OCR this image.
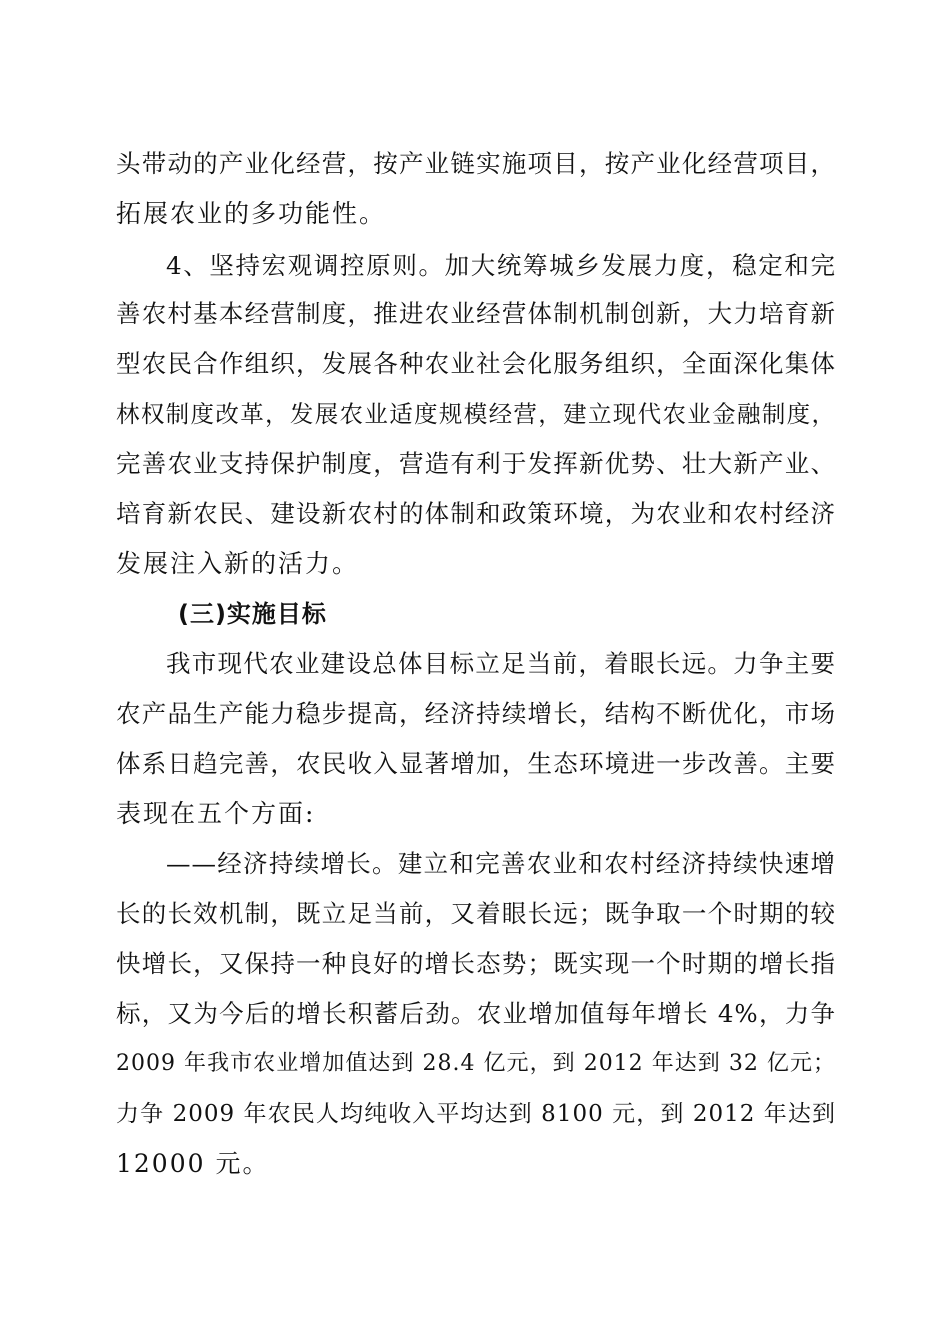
头带动的产业化经营，按产业链实施项目，按产业化经营项目，
拓展农业的多功能性。
4、坚持宏观调控原则。加大统筹城乡发展力度，稳定和完
善农村基本经营制度，推进农业经营体制机制创新，大力培育新
型农民合作组织，发展各种农业社会化服务组织，全面深化集体
林权制度改革，发展农业适度规模经营，建立现代农业金融制度，
完善农业支持保护制度，营造有利于发挥新优势、壮大新产业、
培育新农民、建设新农村的体制和政策环境，为农业和农村经济
发展注入新的活力。
(三)实施目标
我市现代农业建设总体目标立足当前，着眼长远。力争主要
农产品生产能力稳步提高，经济持续增长，结构不断优化，市场
体系日趋完善，农民收入显著增加，生态环境进一步改善。主要
表现在五个方面:
——经济持续增长。建立和完善农业和农村经济持续快速增
长的长效机制，既立足当前，又着眼长远；既争取一个时期的较
快增长，又保持一种良好的增长态势；既实现一个时期的增长指
标，又为今后的增长积蓄后劲。农业增加值每年增长 4%，力争
2009 年我市农业增加值达到 28.4 亿元，到 2012 年达到 32 亿元；
力争 2009 年农民人均纯收入平均达到 8100 元，到 2012 年达到
12000 元。
